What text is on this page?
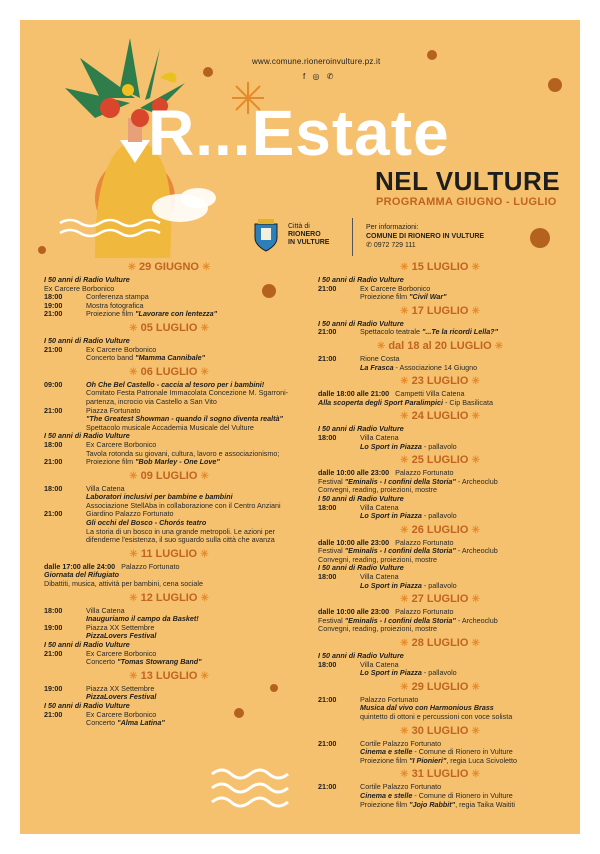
www.comune.rioneroinvulture.pz.it
f ◎ ✆
R...Estate
NEL VULTURE
PROGRAMMA GIUGNO - LUGLIO
Città di
RIONERO
IN VULTURE
Per informazioni:
COMUNE DI RIONERO IN VULTURE
✆ 0972 729 111
✳ 29 GIUGNO ✳
I 50 anni di Radio Vulture
Ex Carcere Borbonico
18:00	Conferenza stampa
19:00	Mostra fotografica
21:00	Proiezione film "Lavorare con lentezza"
✳ 05 LUGLIO ✳
I 50 anni di Radio Vulture
21:00	Ex Carcere Borbonico
Concerto band "Mamma Cannibale"
✳ 06 LUGLIO ✳
09:00	Oh Che Bel Castello - caccia al tesoro per i bambini!
Comitato Festa Patronale Immacolata Concezione M. Sgarroni- partenza, incrocio via Castello a San Vito
21:00	Piazza Fortunato
"The Greatest Showman - quando il sogno diventa realtà"
Spettacolo musicale Accademia Musicale del Vulture
I 50 anni di Radio Vulture
18:00	Ex Carcere Borbonico
Tavola rotonda su giovani, cultura, lavoro e associazionismo;
21:00	Proiezione film "Bob Marley - One Love"
✳ 09 LUGLIO ✳
18:00	Villa Catena
Laboratori inclusivi per bambine e bambini
Associazione StellAba in collaborazione con il Centro Anziani
21:00	Giardino Palazzo Fortunato
Gli occhi del Bosco - Chorós teatro
La storia di un bosco in una grande metropoli. Le azioni per difenderne l'esistenza, il suo sguardo sulla città che avanza
✳ 11 LUGLIO ✳
dalle 17:00 alle 24:00 Palazzo Fortunato
Giornata del Rifugiato
Dibattiti, musica, attività per bambini, cena sociale
✳ 12 LUGLIO ✳
18:00	Villa Catena
Inauguriamo il campo da Basket!
19:00	Piazza XX Settembre
PizzaLovers Festival
I 50 anni di Radio Vulture
21:00	Ex Carcere Borbonico
Concerto "Tomas Stowrang Band"
✳ 13 LUGLIO ✳
19:00	Piazza XX Settembre
PizzaLovers Festival
I 50 anni di Radio Vulture
21:00	Ex Carcere Borbonico
Concerto "Alma Latina"
✳ 15 LUGLIO ✳
I 50 anni di Radio Vulture
21:00	Ex Carcere Borbonico
Proiezione film "Civil War"
✳ 17 LUGLIO ✳
I 50 anni di Radio Vulture
21:00	Spettacolo teatrale "...Te la ricordi Lella?"
✳ dal 18 al 20 LUGLIO ✳
21:00	Rione Costa
La Frasca - Associazione 14 Giugno
✳ 23 LUGLIO ✳
dalle 18:00 alle 21:00 Campetti Villa Catena
Alla scoperta degli Sport Paralimpici - Cip Basilicata
✳ 24 LUGLIO ✳
I 50 anni di Radio Vulture
18:00	Villa Catena
Lo Sport in Piazza - pallavolo
✳ 25 LUGLIO ✳
dalle 10:00 alle 23:00 Palazzo Fortunato
Festival "Eminalis - I confini della Storia" - Archeoclub
Convegni, reading, proiezioni, mostre
I 50 anni di Radio Vulture
18:00	Villa Catena
Lo Sport in Piazza - pallavolo
✳ 26 LUGLIO ✳
dalle 10:00 alle 23:00 Palazzo Fortunato
Festival "Eminalis - I confini della Storia" - Archeoclub
Convegni, reading, proiezioni, mostre
I 50 anni di Radio Vulture
18:00	Villa Catena
Lo Sport in Piazza - pallavolo
✳ 27 LUGLIO ✳
dalle 10:00 alle 23:00 Palazzo Fortunato
Festival "Eminalis - I confini della Storia" - Archeoclub
Convegni, reading, proiezioni, mostre
✳ 28 LUGLIO ✳
I 50 anni di Radio Vulture
18:00	Villa Catena
Lo Sport in Piazza - pallavolo
✳ 29 LUGLIO ✳
21:00	Palazzo Fortunato
Musica dal vivo con Harmonious Brass
quintetto di ottoni e percussioni con voce solista
✳ 30 LUGLIO ✳
21:00	Cortile Palazzo Fortunato
Cinema e stelle - Comune di Rionero in Vulture
Proiezione film "I Pionieri", regia Luca Scivoletto
✳ 31 LUGLIO ✳
21:00	Cortile Palazzo Fortunato
Cinema e stelle - Comune di Rionero in Vulture
Proiezione film "Jojo Rabbit", regia Taika Waititi
